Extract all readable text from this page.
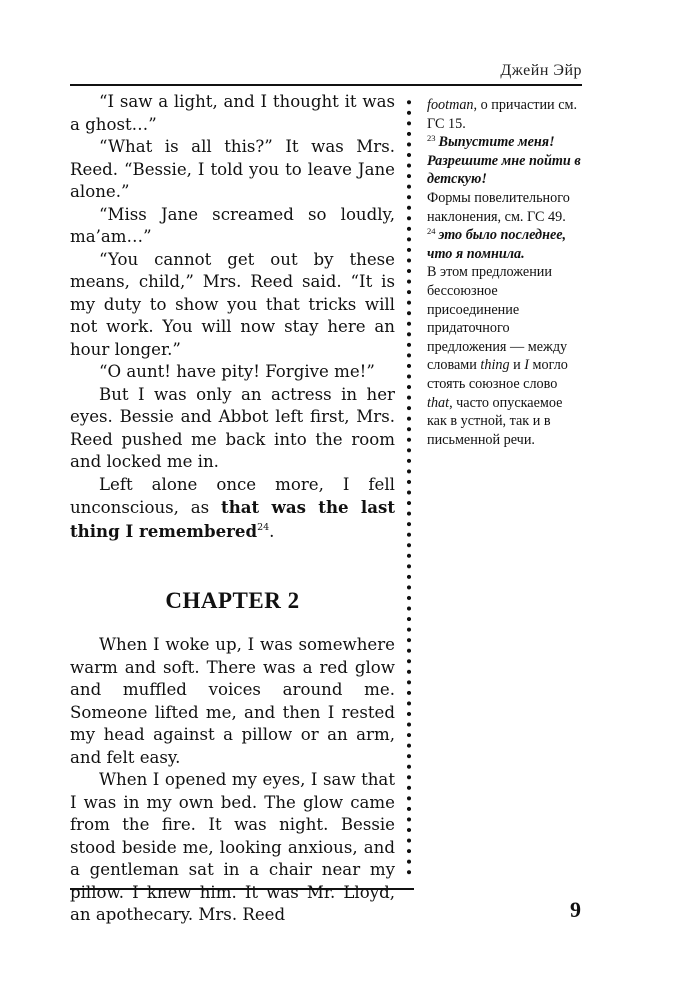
Джейн Эйр

“I saw a light, and I thought it was a ghost…”

“What is all this?” It was Mrs. Reed. “Bessie, I told you to leave Jane alone.”

“Miss Jane screamed so loudly, ma’am…”

“You cannot get out by these means, child,” Mrs. Reed said. “It is my duty to show you that tricks will not work. You will now stay here an hour longer.”

“O aunt! have pity! Forgive me!”

But I was only an actress in her eyes. Bessie and Abbot left first, Mrs. Reed pushed me back into the room and locked me in.

Left alone once more, I fell unconscious, as that was the last thing I remembered$^{24}$.

CHAPTER 2

When I woke up, I was somewhere warm and soft. There was a red glow and muffled voices around me. Someone lifted me, and then I rested my head against a pillow or an arm, and felt easy.

When I opened my eyes, I saw that I was in my own bed. The glow came from the fire. It was night. Bessie stood beside me, looking anxious, and a gentleman sat in a chair near my pillow. I knew him. It was Mr. Lloyd, an apothecary. Mrs. Reed

footman, о причастии см. ГС 15.
$^{23}$ Выпустите меня! Разрешите мне пойти в детскую!
Формы повелительного наклонения, см. ГС 49.
$^{24}$ это было последнее, что я помнила.
В этом предложении бессоюзное присоединение придаточного предложения — между словами thing и I могло стоять союзное слово that, часто опускаемое как в устной, так и в письменной речи.
9
